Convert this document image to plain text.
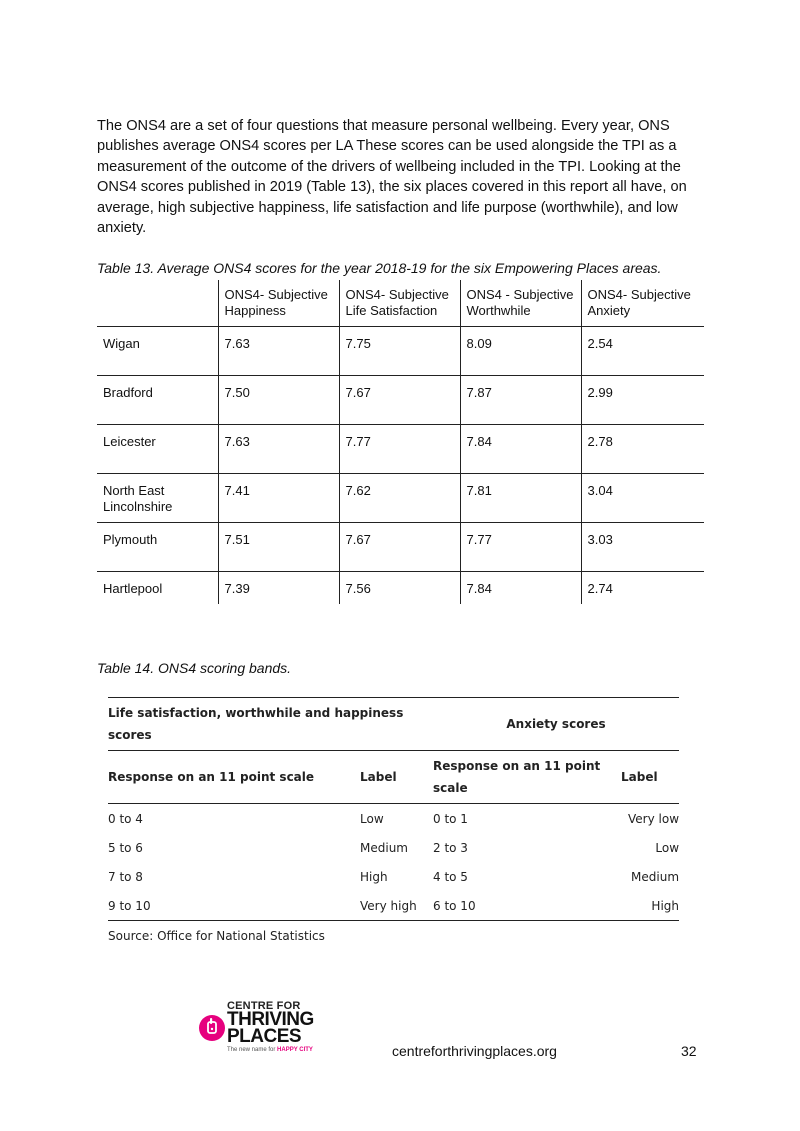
The ONS4 are a set of four questions that measure personal wellbeing. Every year, ONS publishes average ONS4 scores per LA These scores can be used alongside the TPI as a measurement of the outcome of the drivers of wellbeing included in the TPI. Looking at the ONS4 scores published in 2019 (Table 13), the six places covered in this report all have, on average, high subjective happiness, life satisfaction and life purpose (worthwhile), and low anxiety.

Table 13. Average ONS4 scores for the year 2018-19 for the six Empowering Places areas.

	ONS4- Subjective Happiness	ONS4- Subjective Life Satisfaction	ONS4 - Subjective Worthwhile	ONS4- Subjective Anxiety
Wigan	7.63	7.75	8.09	2.54
Bradford	7.50	7.67	7.87	2.99
Leicester	7.63	7.77	7.84	2.78
North East Lincolnshire	7.41	7.62	7.81	3.04
Plymouth	7.51	7.67	7.77	3.03
Hartlepool	7.39	7.56	7.84	2.74

Table 14. ONS4 scoring bands.

Life satisfaction, worthwhile and happiness scores		Anxiety scores	
Response on an 11 point scale	Label	Response on an 11 point scale	Label
0 to 4	Low	0 to 1	Very low
5 to 6	Medium	2 to 3	Low
7 to 8	High	4 to 5	Medium
9 to 10	Very high	6 to 10	High

Source: Office for National Statistics

CENTRE FOR
THRIVING
PLACES
The new name for HAPPY CITY	centreforthrivingplaces.org	32
